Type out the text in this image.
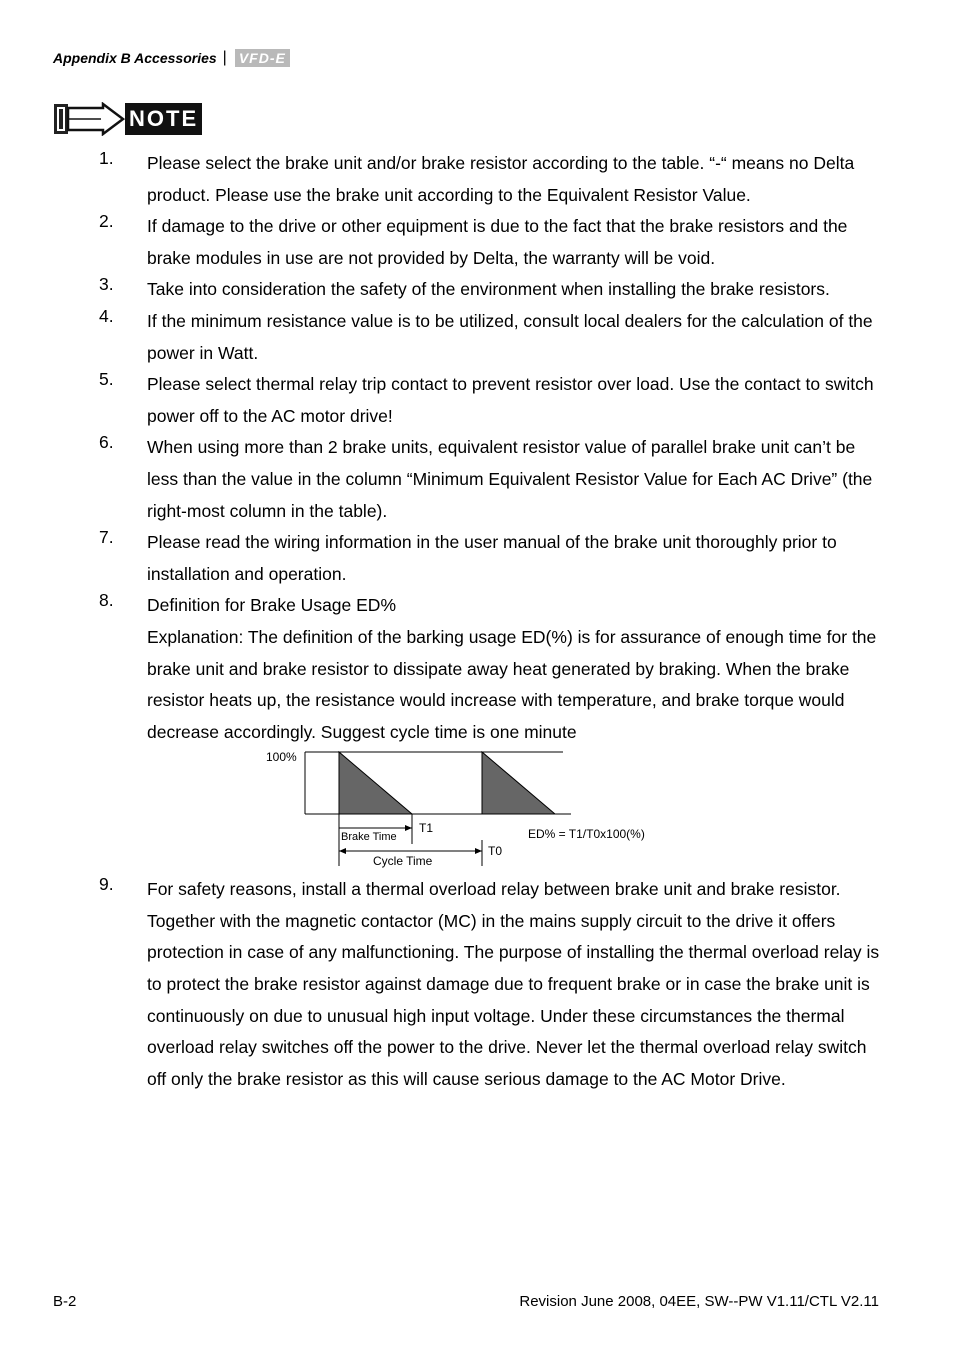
Appendix B Accessories | VFD-E
NOTE
1. Please select the brake unit and/or brake resistor according to the table. “-“ means no Delta product. Please use the brake unit according to the Equivalent Resistor Value.
2. If damage to the drive or other equipment is due to the fact that the brake resistors and the brake modules in use are not provided by Delta, the warranty will be void.
3. Take into consideration the safety of the environment when installing the brake resistors.
4. If the minimum resistance value is to be utilized, consult local dealers for the calculation of the power in Watt.
5. Please select thermal relay trip contact to prevent resistor over load. Use the contact to switch power off to the AC motor drive!
6. When using more than 2 brake units, equivalent resistor value of parallel brake unit can’t be less than the value in the column “Minimum Equivalent Resistor Value for Each AC Drive” (the right-most column in the table).
7. Please read the wiring information in the user manual of the brake unit thoroughly prior to installation and operation.
8. Definition for Brake Usage ED%
Explanation: The definition of the barking usage ED(%) is for assurance of enough time for the brake unit and brake resistor to dissipate away heat generated by braking. When the brake resistor heats up, the resistance would increase with temperature, and brake torque would decrease accordingly. Suggest cycle time is one minute
100%
Brake Time
T1
Cycle Time
T0
ED% = T1/T0x100(%)
9. For safety reasons, install a thermal overload relay between brake unit and brake resistor. Together with the magnetic contactor (MC) in the mains supply circuit to the drive it offers protection in case of any malfunctioning. The purpose of installing the thermal overload relay is to protect the brake resistor against damage due to frequent brake or in case the brake unit is continuously on due to unusual high input voltage. Under these circumstances the thermal overload relay switches off the power to the drive. Never let the thermal overload relay switch off only the brake resistor as this will cause serious damage to the AC Motor Drive.
B-2	Revision June 2008, 04EE, SW--PW V1.11/CTL V2.11
